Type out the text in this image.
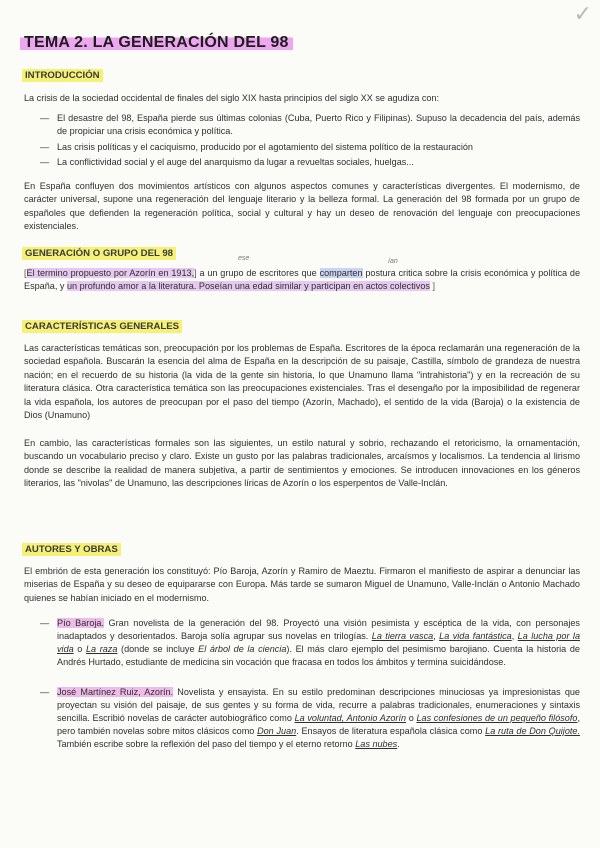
✓
TEMA 2. LA GENERACIÓN DEL 98
INTRODUCCIÓN
La crisis de la sociedad occidental de finales del siglo XIX hasta principios del siglo XX se agudiza con:
— El desastre del 98, España pierde sus últimas colonias (Cuba, Puerto Rico y Filipinas). Supuso la decadencia del país, además de propiciar una crisis económica y política.
— Las crisis políticas y el caciquismo, producido por el agotamiento del sistema político de la restauración
— La conflictividad social y el auge del anarquismo da lugar a revueltas sociales, huelgas...
En España confluyen dos movimientos artísticos con algunos aspectos comunes y características divergentes. El modernismo, de carácter universal, supone una regeneración del lenguaje literario y la belleza formal. La generación del 98 formada por un grupo de españoles que defienden la regeneración política, social y cultural y hay un deseo de renovación del lenguaje con preocupaciones existenciales.
GENERACIÓN O GRUPO DEL 98	ese	ían
[El termino propuesto por Azorín en 1913,] a un grupo de escritores que comparten postura critica sobre la crisis económica y política de España, y un profundo amor a la literatura. Poseían una edad similar y participan en actos colectivos ]
CARACTERÍSTICAS GENERALES
Las características temáticas son, preocupación por los problemas de España. Escritores de la época reclamarán una regeneración de la sociedad española. Buscarán la esencia del alma de España en la descripción de su paisaje, Castilla, símbolo de grandeza de nuestra nación; en el recuerdo de su historia (la vida de la gente sin historia, lo que Unamuno llama "intrahistoria") y en la recreación de su literatura clásica. Otra característica temática son las preocupaciones existenciales. Tras el desengaño por la imposibilidad de regenerar la vida española, los autores de preocupan por el paso del tiempo (Azorín, Machado), el sentido de la vida (Baroja) o la existencia de Dios (Unamuno)
En cambio, las características formales son las siguientes, un estilo natural y sobrio, rechazando el retoricismo, la ornamentación, buscando un vocabulario preciso y claro. Existe un gusto por las palabras tradicionales, arcaísmos y localismos. La tendencia al lirismo donde se describe la realidad de manera subjetiva, a partir de sentimientos y emociones. Se introducen innovaciones en los géneros literarios, las "nivolas" de Unamuno, las descripciones líricas de Azorín o los esperpentos de Valle-Inclán.
AUTORES Y OBRAS
El embrión de esta generación los constituyó: Pío Baroja, Azorín y Ramiro de Maeztu. Firmaron el manifiesto de aspirar a denunciar las miserias de España y su deseo de equipararse con Europa. Más tarde se sumaron Miguel de Unamuno, Valle-Inclán o Antonio Machado quienes se habían iniciado en el modernismo.
— Pío Baroja. Gran novelista de la generación del 98. Proyectó una visión pesimista y escéptica de la vida, con personajes inadaptados y desorientados. Baroja solía agrupar sus novelas en trilogías. La tierra vasca, La vida fantástica, La lucha por la vida o La raza (donde se incluye El árbol de la ciencia). El más claro ejemplo del pesimismo barojiano. Cuenta la historia de Andrés Hurtado, estudiante de medicina sin vocación que fracasa en todos los ámbitos y termina suicidándose.
— José Martínez Ruiz, Azorín. Novelista y ensayista. En su estilo predominan descripciones minuciosas ya impresionistas que proyectan su visión del paisaje, de sus gentes y su forma de vida, recurre a palabras tradicionales, enumeraciones y sintaxis sencilla. Escribió novelas de carácter autobiográfico como La voluntad, Antonio Azorín o Las confesiones de un pequeño filósofo, pero también novelas sobre mitos clásicos como Don Juan. Ensayos de literatura española clásica como La ruta de Don Quijote. También escribe sobre la reflexión del paso del tiempo y el eterno retorno Las nubes.
